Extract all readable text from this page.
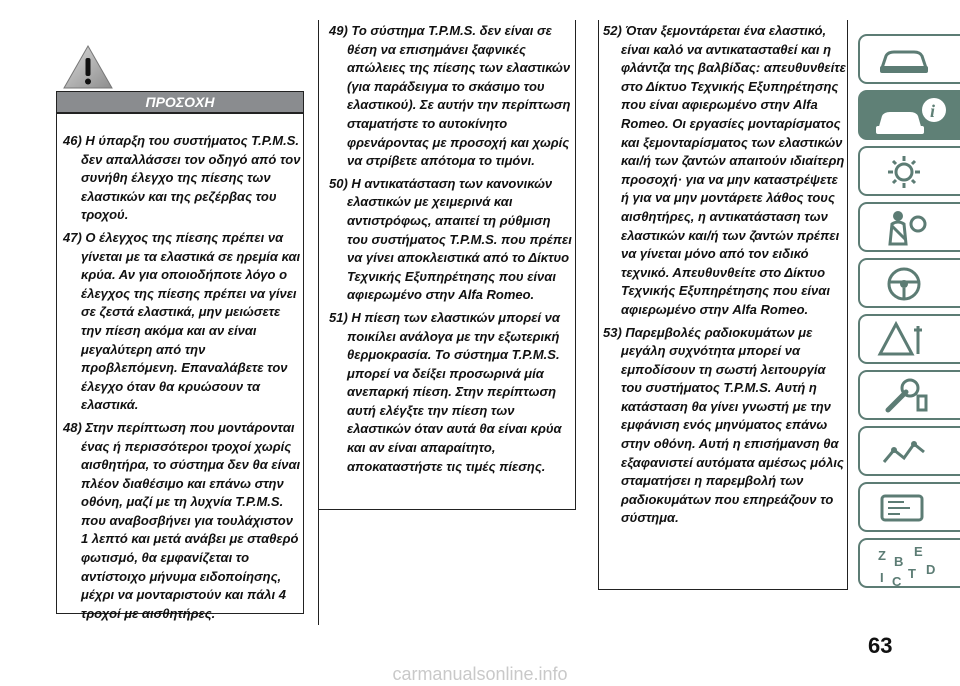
ΠΡΟΣΟΧΗ

46) Η ύπαρξη του συστήματος T.P.M.S. δεν απαλλάσσει τον οδηγό από τον συνήθη έλεγχο της πίεσης των ελαστικών και της ρεζέρβας του τροχού.

47) Ο έλεγχος της πίεσης πρέπει να γίνεται με τα ελαστικά σε ηρεμία και κρύα. Αν για οποιοδήποτε λόγο ο έλεγχος της πίεσης πρέπει να γίνει σε ζεστά ελαστικά, μην μειώσετε την πίεση ακόμα και αν είναι μεγαλύτερη από την προβλεπόμενη. Επαναλάβετε τον έλεγχο όταν θα κρυώσουν τα ελαστικά.

48) Στην περίπτωση που μοντάρονται ένας ή περισσότεροι τροχοί χωρίς αισθητήρα, το σύστημα δεν θα είναι πλέον διαθέσιμο και επάνω στην οθόνη, μαζί με τη λυχνία T.P.M.S. που αναβοσβήνει για τουλάχιστον 1 λεπτό και μετά ανάβει με σταθερό φωτισμό, θα εμφανίζεται το αντίστοιχο μήνυμα ειδοποίησης, μέχρι να μονταριστούν και πάλι 4 τροχοί με αισθητήρες.

49) Το σύστημα T.P.M.S. δεν είναι σε θέση να επισημάνει ξαφνικές απώλειες της πίεσης των ελαστικών (για παράδειγμα το σκάσιμο του ελαστικού). Σε αυτήν την περίπτωση σταματήστε το αυτοκίνητο φρενάροντας με προσοχή και χωρίς να στρίβετε απότομα το τιμόνι.

50) Η αντικατάσταση των κανονικών ελαστικών με χειμερινά και αντιστρόφως, απαιτεί τη ρύθμιση του συστήματος T.P.M.S. που πρέπει να γίνει αποκλειστικά από το Δίκτυο Τεχνικής Εξυπηρέτησης που είναι αφιερωμένο στην Alfa Romeo.

51) Η πίεση των ελαστικών μπορεί να ποικίλει ανάλογα με την εξωτερική θερμοκρασία. Το σύστημα T.P.M.S. μπορεί να δείξει προσωρινά μία ανεπαρκή πίεση. Στην περίπτωση αυτή ελέγξτε την πίεση των ελαστικών όταν αυτά θα είναι κρύα και αν είναι απαραίτητο, αποκαταστήστε τις τιμές πίεσης.

52) Όταν ξεμοντάρεται ένα ελαστικό, είναι καλό να αντικατασταθεί και η φλάντζα της βαλβίδας: απευθυνθείτε στο Δίκτυο Τεχνικής Εξυπηρέτησης που είναι αφιερωμένο στην Alfa Romeo. Οι εργασίες μονταρίσματος και ξεμονταρίσματος των ελαστικών και/ή των ζαντών απαιτούν ιδιαίτερη προσοχή· για να μην καταστρέψετε ή για να μην μοντάρετε λάθος τους αισθητήρες, η αντικατάσταση των ελαστικών και/ή των ζαντών πρέπει να γίνεται μόνο από τον ειδικό τεχνικό. Απευθυνθείτε στο Δίκτυο Τεχνικής Εξυπηρέτησης που είναι αφιερωμένο στην Alfa Romeo.

53) Παρεμβολές ραδιοκυμάτων με μεγάλη συχνότητα μπορεί να εμποδίσουν τη σωστή λειτουργία του συστήματος T.P.M.S. Αυτή η κατάσταση θα γίνει γνωστή με την εμφάνιση ενός μηνύματος επάνω στην οθόνη. Αυτή η επισήμανση θα εξαφανιστεί αυτόματα αμέσως μόλις σταματήσει η παρεμβολή των ραδιοκυμάτων που επηρεάζουν το σύστημα.

i
Z B
E
I C
T D
63
carmanualsonline.info
